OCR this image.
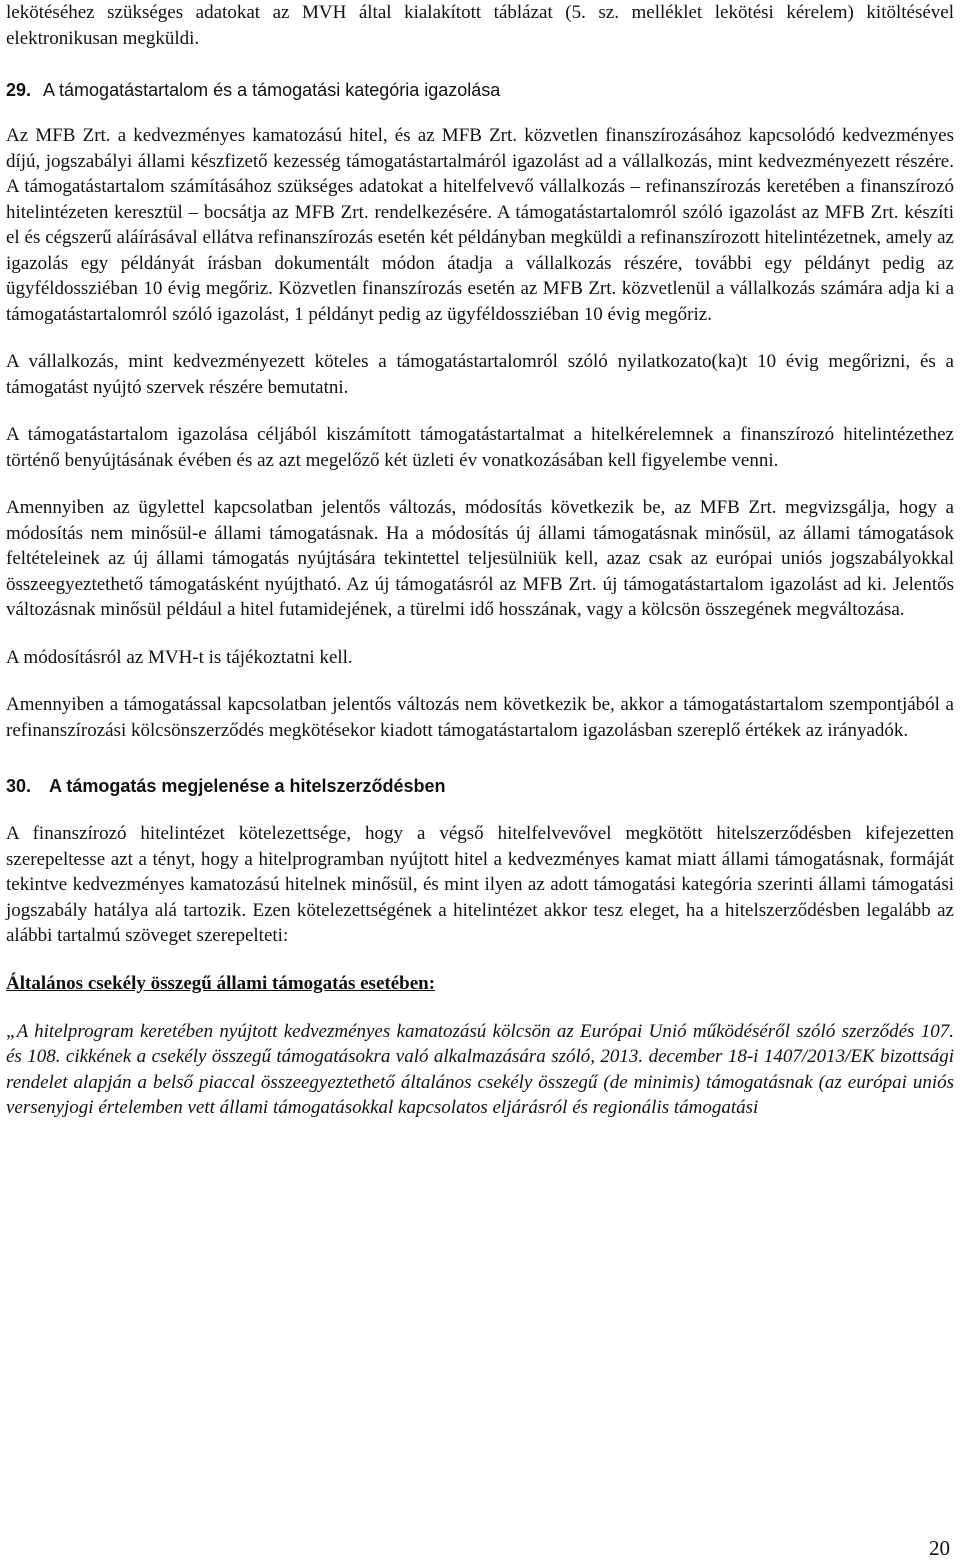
lekötéséhez szükséges adatokat az MVH által kialakított táblázat (5. sz. melléklet lekötési kérelem) kitöltésével elektronikusan megküldi.

29. A támogatástartalom és a támogatási kategória igazolása

Az MFB Zrt. a kedvezményes kamatozású hitel, és az MFB Zrt. közvetlen finanszírozásához kapcsolódó kedvezményes díjú, jogszabályi állami készfizető kezesség támogatástartalmáról igazolást ad a vállalkozás, mint kedvezményezett részére. A támogatástartalom számításához szükséges adatokat a hitelfelvevő vállalkozás – refinanszírozás keretében a finanszírozó hitelintézeten keresztül – bocsátja az MFB Zrt. rendelkezésére. A támogatástartalomról szóló igazolást az MFB Zrt. készíti el és cégszerű aláírásával ellátva refinanszírozás esetén két példányban megküldi a refinanszírozott hitelintézetnek, amely az igazolás egy példányát írásban dokumentált módon átadja a vállalkozás részére, további egy példányt pedig az ügyféldossziéban 10 évig megőriz. Közvetlen finanszírozás esetén az MFB Zrt. közvetlenül a vállalkozás számára adja ki a támogatástartalomról szóló igazolást, 1 példányt pedig az ügyféldossziéban 10 évig megőriz.

A vállalkozás, mint kedvezményezett köteles a támogatástartalomról szóló nyilatkozato(ka)t 10 évig megőrizni, és a támogatást nyújtó szervek részére bemutatni.

A támogatástartalom igazolása céljából kiszámított támogatástartalmat a hitelkérelemnek a finanszírozó hitelintézethez történő benyújtásának évében és az azt megelőző két üzleti év vonatkozásában kell figyelembe venni.

Amennyiben az ügylettel kapcsolatban jelentős változás, módosítás következik be, az MFB Zrt. megvizsgálja, hogy a módosítás nem minősül-e állami támogatásnak. Ha a módosítás új állami támogatásnak minősül, az állami támogatások feltételeinek az új állami támogatás nyújtására tekintettel teljesülniük kell, azaz csak az európai uniós jogszabályokkal összeegyeztethető támogatásként nyújtható. Az új támogatásról az MFB Zrt. új támogatástartalom igazolást ad ki. Jelentős változásnak minősül például a hitel futamidejének, a türelmi idő hosszának, vagy a kölcsön összegének megváltozása.

A módosításról az MVH-t is tájékoztatni kell.

Amennyiben a támogatással kapcsolatban jelentős változás nem következik be, akkor a támogatástartalom szempontjából a refinanszírozási kölcsönszerződés megkötésekor kiadott támogatástartalom igazolásban szereplő értékek az irányadók.

30. A támogatás megjelenése a hitelszerződésben

A finanszírozó hitelintézet kötelezettsége, hogy a végső hitelfelvevővel megkötött hitelszerződésben kifejezetten szerepeltesse azt a tényt, hogy a hitelprogramban nyújtott hitel a kedvezményes kamat miatt állami támogatásnak, formáját tekintve kedvezményes kamatozású hitelnek minősül, és mint ilyen az adott támogatási kategória szerinti állami támogatási jogszabály hatálya alá tartozik. Ezen kötelezettségének a hitelintézet akkor tesz eleget, ha a hitelszerződésben legalább az alábbi tartalmú szöveget szerepelteti:

Általános csekély összegű állami támogatás esetében:

„A hitelprogram keretében nyújtott kedvezményes kamatozású kölcsön az Európai Unió működéséről szóló szerződés 107. és 108. cikkének a csekély összegű támogatásokra való alkalmazására szóló, 2013. december 18-i 1407/2013/EK bizottsági rendelet alapján a belső piaccal összeegyeztethető általános csekély összegű (de minimis) támogatásnak (az európai uniós versenyjogi értelemben vett állami támogatásokkal kapcsolatos eljárásról és regionális támogatási

20
